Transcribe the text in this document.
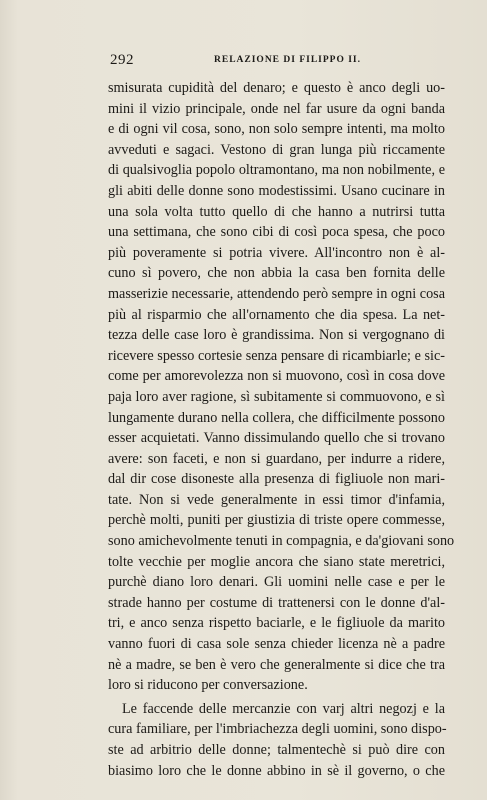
292	RELAZIONE DI FILIPPO II.
smisurata cupidità del denaro; e questo è anco degli uo-
mini il vizio principale, onde nel far usure da ogni banda
e di ogni vil cosa, sono, non solo sempre intenti, ma molto
avveduti e sagaci. Vestono di gran lunga più riccamente
di qualsivoglia popolo oltramontano, ma non nobilmente, e
gli abiti delle donne sono modestissimi. Usano cucinare in
una sola volta tutto quello di che hanno a nutrirsi tutta
una settimana, che sono cibi di così poca spesa, che poco
più poveramente si potria vivere. All'incontro non è al-
cuno sì povero, che non abbia la casa ben fornita delle
masserizie necessarie, attendendo però sempre in ogni cosa
più al risparmio che all'ornamento che dia spesa. La net-
tezza delle case loro è grandissima. Non si vergognano di
ricevere spesso cortesie senza pensare di ricambiarle; e sic-
come per amorevolezza non si muovono, così in cosa dove
paja loro aver ragione, sì subitamente si commuovono, e sì
lungamente durano nella collera, che difficilmente possono
esser acquietati. Vanno dissimulando quello che si trovano
avere: son faceti, e non si guardano, per indurre a ridere,
dal dir cose disoneste alla presenza di figliuole non mari-
tate. Non si vede generalmente in essi timor d'infamia,
perchè molti, puniti per giustizia di triste opere commesse,
sono amichevolmente tenuti in compagnia, e da'giovani sono
tolte vecchie per moglie ancora che siano state meretrici,
purchè diano loro denari. Gli uomini nelle case e per le
strade hanno per costume di trattenersi con le donne d'al-
tri, e anco senza rispetto baciarle, e le figliuole da marito
vanno fuori di casa sole senza chieder licenza nè a padre
nè a madre, se ben è vero che generalmente si dice che tra
loro si riducono per conversazione.
Le faccende delle mercanzie con varj altri negozj e la
cura familiare, per l'imbriachezza degli uomini, sono dispo-
ste ad arbitrio delle donne; talmentechè si può dire con
biasimo loro che le donne abbino in sè il governo, o che
